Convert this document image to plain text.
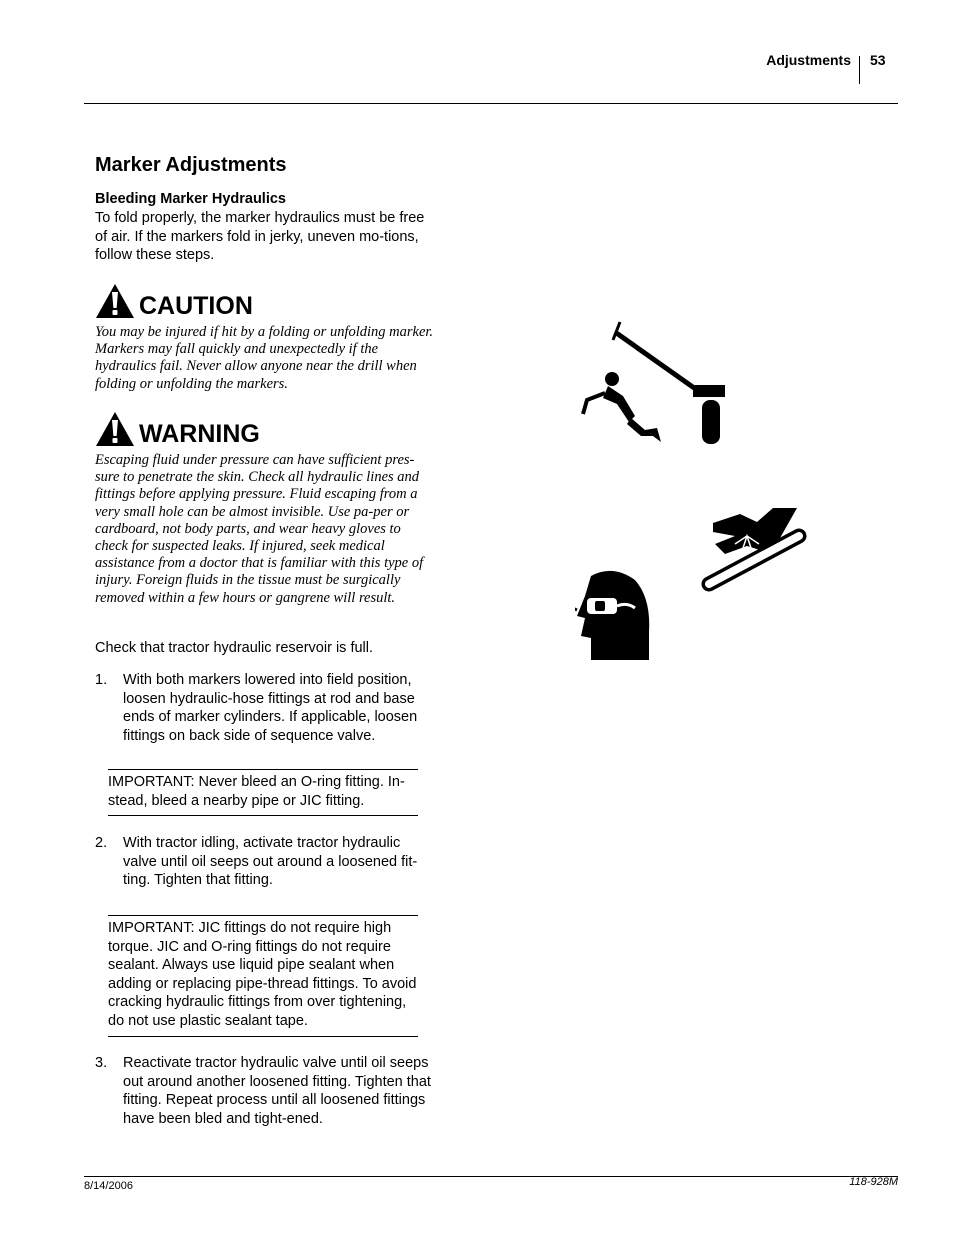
Adjustments 53
Marker Adjustments
Bleeding Marker Hydraulics
To fold properly, the marker hydraulics must be free of air. If the markers fold in jerky, uneven mo-tions, follow these steps.
CAUTION
You may be injured if hit by a folding or unfolding marker. Markers may fall quickly and unexpectedly if the hydraulics fail. Never allow anyone near the drill when folding or unfolding the markers.
WARNING
Escaping fluid under pressure can have sufficient pres-sure to penetrate the skin. Check all hydraulic lines and fittings before applying pressure. Fluid escaping from a very small hole can be almost invisible. Use pa-per or cardboard, not body parts, and wear heavy gloves to check for suspected leaks. If injured, seek medical assistance from a doctor that is familiar with this type of injury. Foreign fluids in the tissue must be surgically removed within a few hours or gangrene will result.
Check that tractor hydraulic reservoir is full.
1.	With both markers lowered into field position, loosen hydraulic-hose fittings at rod and base ends of marker cylinders. If applicable, loosen fittings on back side of sequence valve.
IMPORTANT: Never bleed an O-ring fitting. In-stead, bleed a nearby pipe or JIC fitting.
2.	With tractor idling, activate tractor hydraulic valve until oil seeps out around a loosened fit-ting. Tighten that fitting.
IMPORTANT: JIC fittings do not require high torque. JIC and O-ring fittings do not require sealant. Always use liquid pipe sealant when adding or replacing pipe-thread fittings. To avoid cracking hydraulic fittings from over tightening, do not use plastic sealant tape.
3.	Reactivate tractor hydraulic valve until oil seeps out around another loosened fitting. Tighten that fitting. Repeat process until all loosened fittings have been bled and tight-ened.
8/14/2006	118-928M
